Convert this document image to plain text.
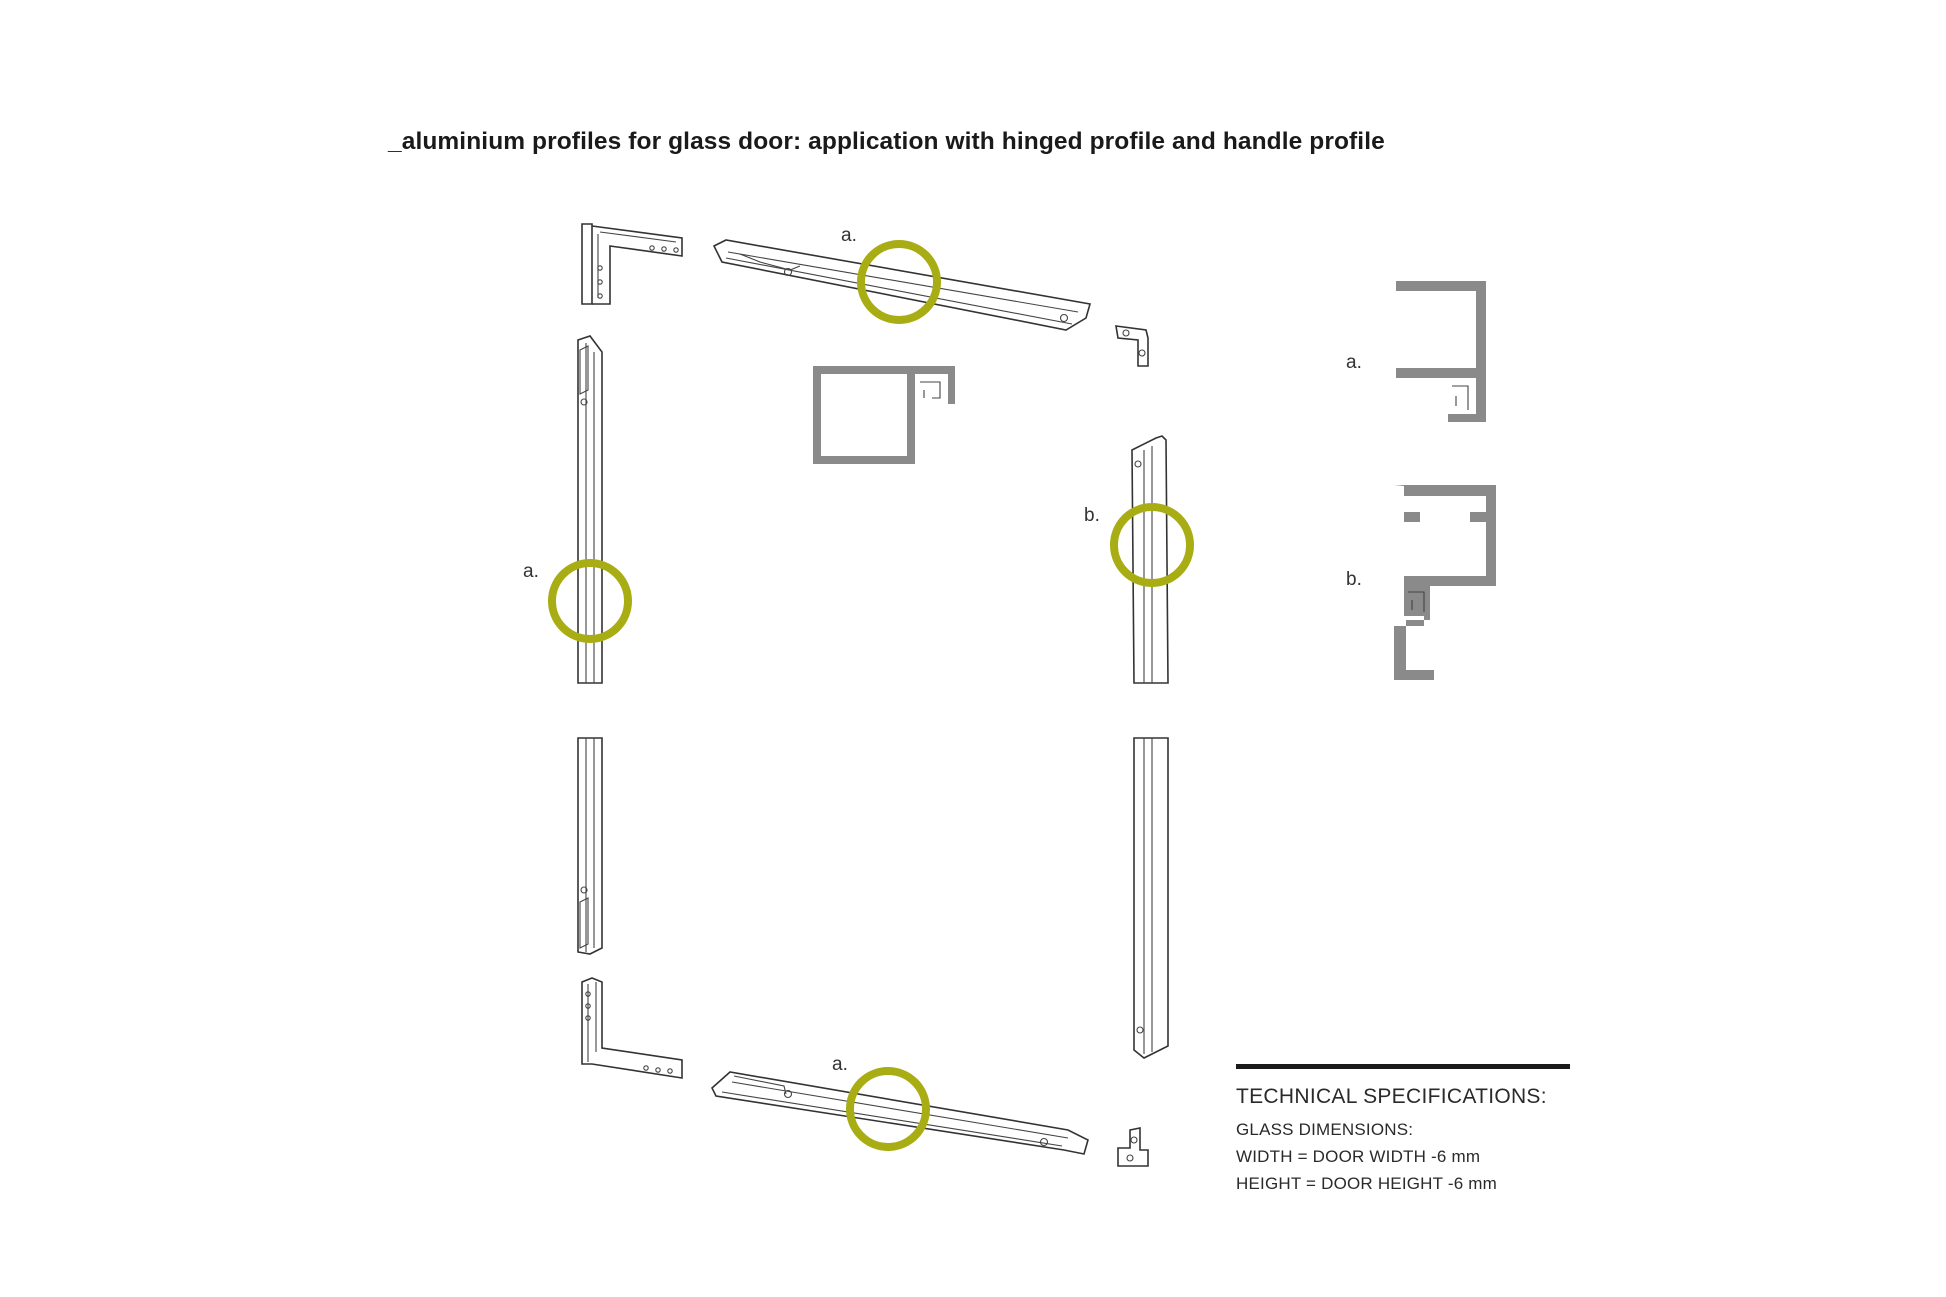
_aluminium profiles for glass door: application with hinged profile and handle profile
a.
a.
b.
a.
a.
b.
TECHNICAL SPECIFICATIONS:
GLASS DIMENSIONS:
WIDTH = DOOR WIDTH -6 mm
HEIGHT = DOOR HEIGHT -6 mm
